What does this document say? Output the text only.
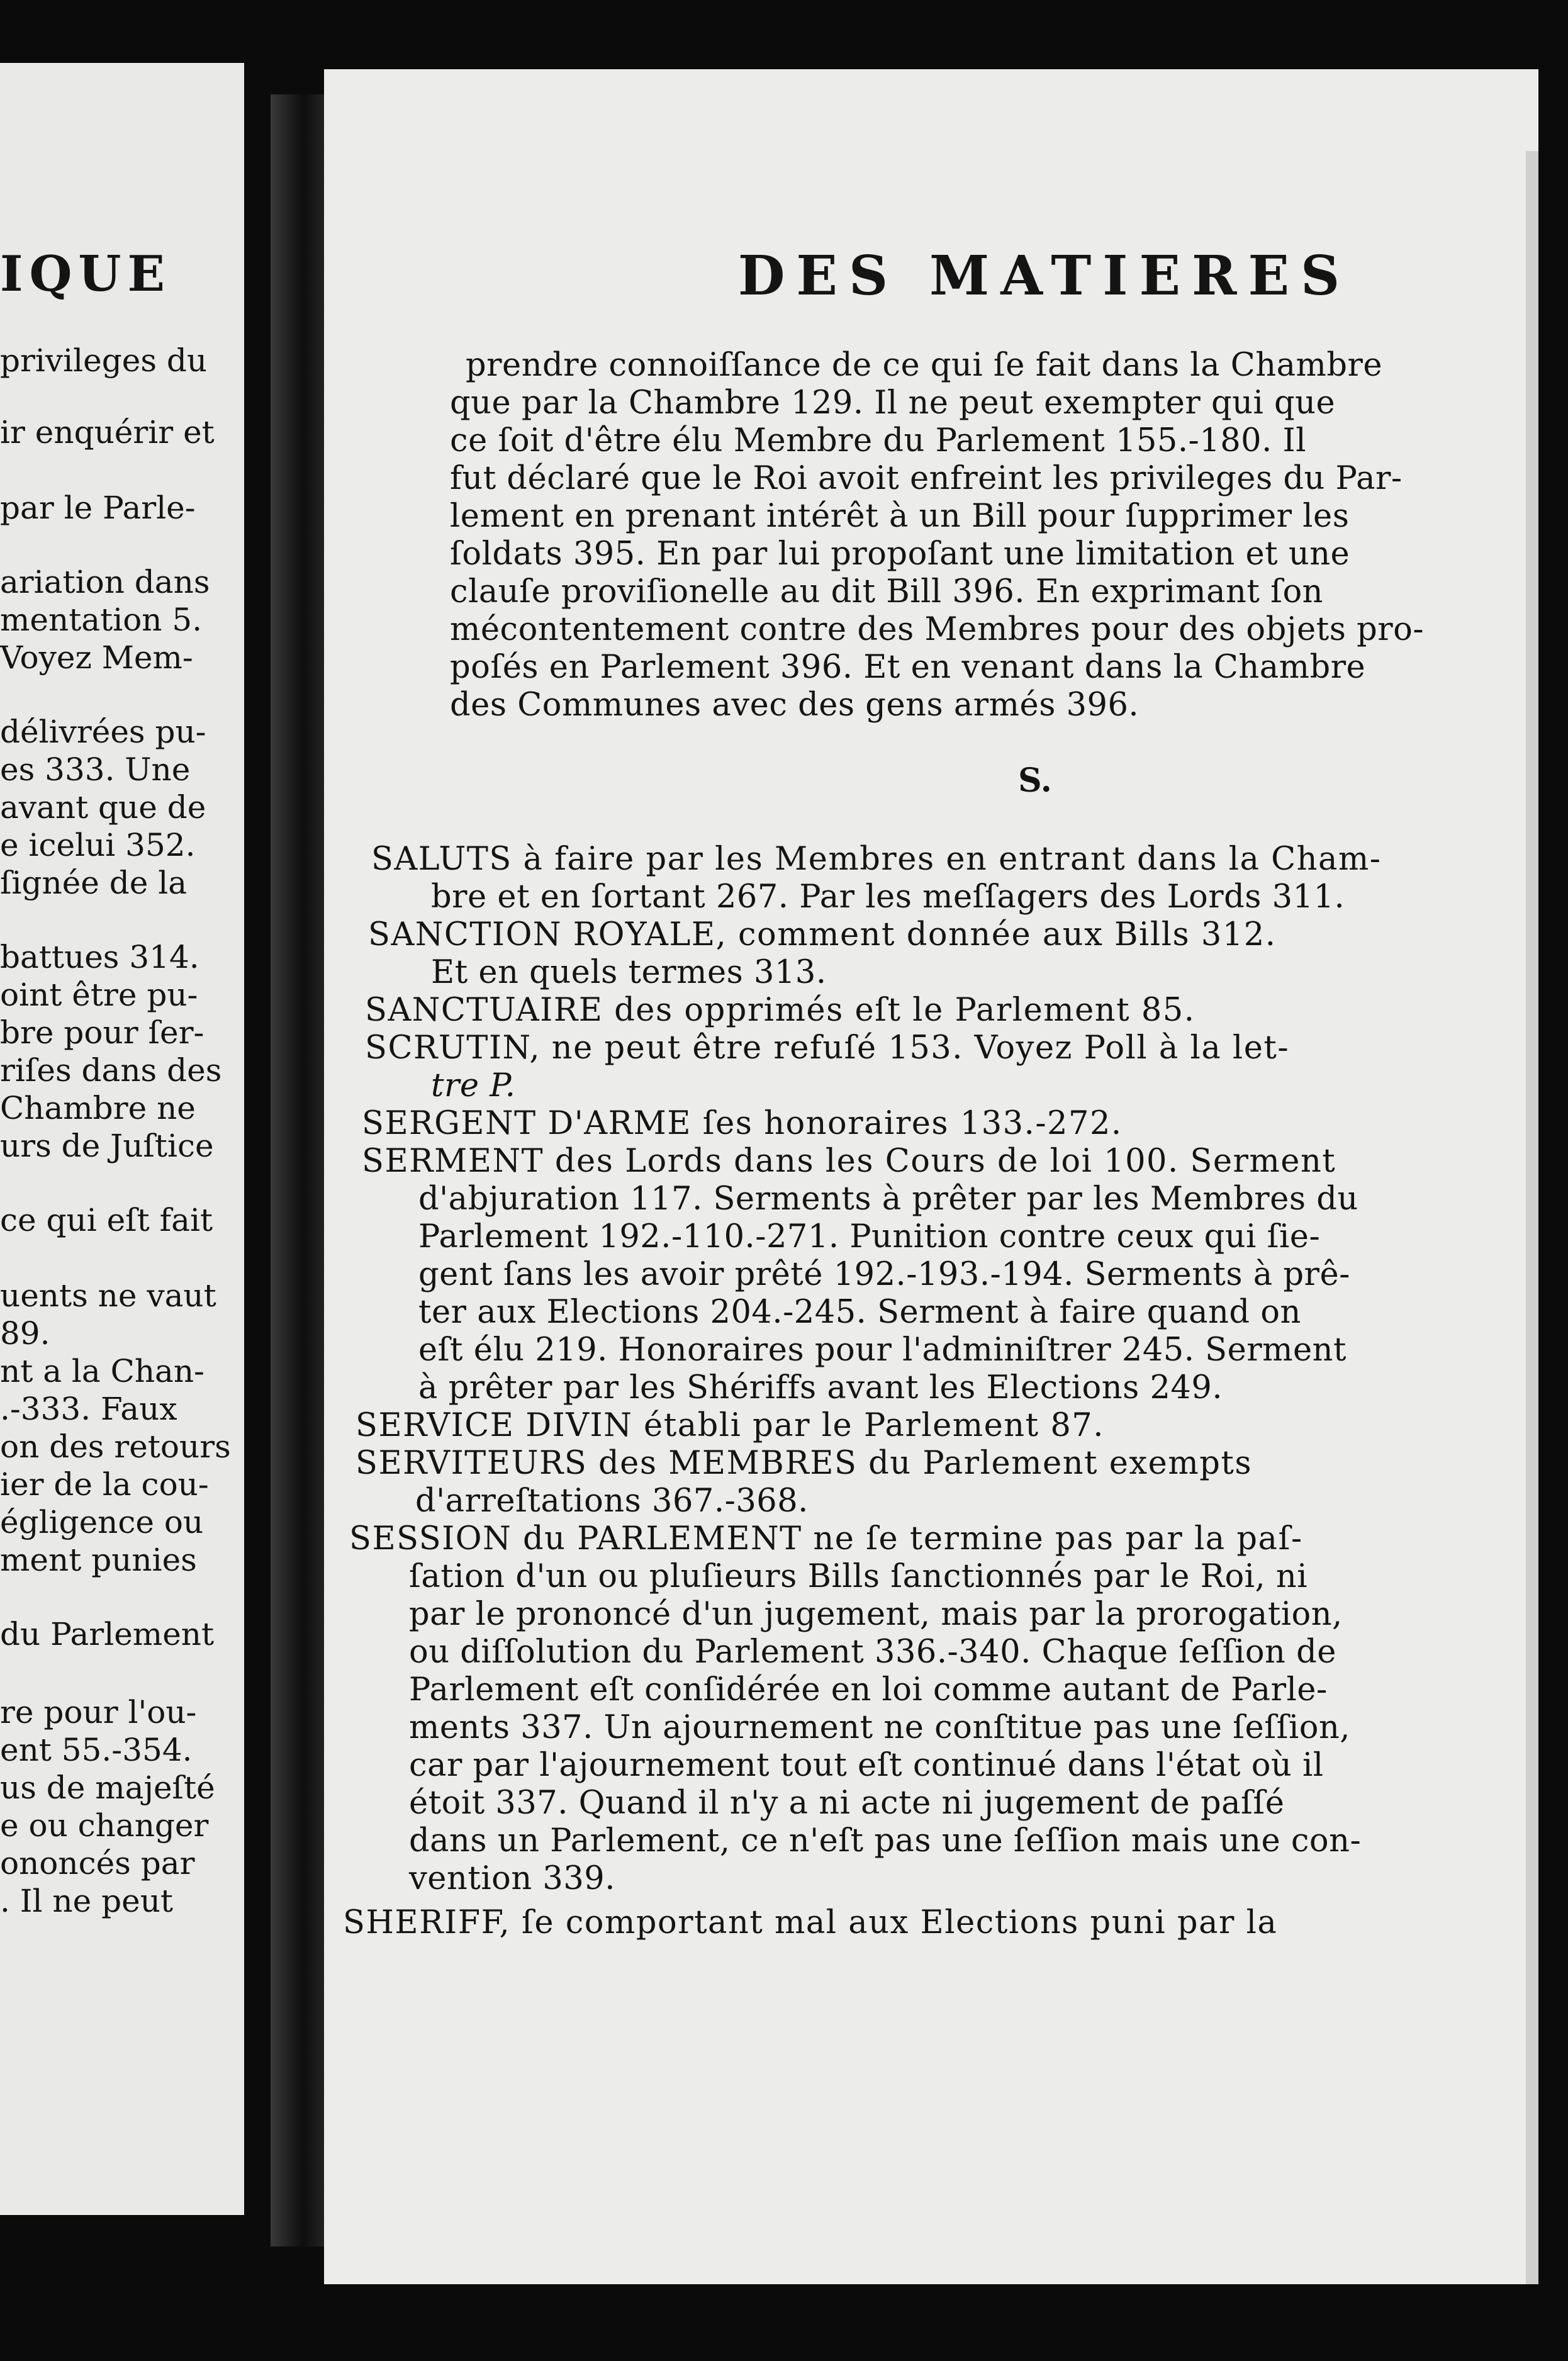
IQUE
privileges du
ir enquérir et
par le Parle-
ariation dans
mentation 5.
Voyez Mem-
délivrées pu-
es 333. Une
avant que de
e icelui 352.
ſignée de la
battues 314.
oint être pu-
bre pour ſer-
riſes dans des
Chambre ne
urs de Juſtice
ce qui eſt fait
uents ne vaut
89.
nt a la Chan-
.-333. Faux
on des retours
ier de la cou-
égligence ou
ment punies
du Parlement
re pour l'ou-
ent 55.-354.
us de majeſté
e ou changer
ononcés par
. Il ne peut
DES MATIERES
prendre connoiſſance de ce qui ſe fait dans la Chambre
que par la Chambre 129. Il ne peut exempter qui que
ce ſoit d'être élu Membre du Parlement 155.-180. Il
fut déclaré que le Roi avoit enfreint les privileges du Par-
lement en prenant intérêt à un Bill pour ſupprimer les
ſoldats 395. En par lui propoſant une limitation et une
clauſe proviſionelle au dit Bill 396. En exprimant ſon
mécontentement contre des Membres pour des objets pro-
poſés en Parlement 396. Et en venant dans la Chambre
des Communes avec des gens armés 396.
S.
SALUTS à faire par les Membres en entrant dans la Cham-
bre et en ſortant 267. Par les meſſagers des Lords 311.
SANCTION ROYALE, comment donnée aux Bills 312.
Et en quels termes 313.
SANCTUAIRE des opprimés eſt le Parlement 85.
SCRUTIN, ne peut être refuſé 153. Voyez Poll à la let-
tre P.
SERGENT D'ARME ſes honoraires 133.-272.
SERMENT des Lords dans les Cours de loi 100. Serment
d'abjuration 117. Serments à prêter par les Membres du
Parlement 192.-110.-271. Punition contre ceux qui ſie-
gent ſans les avoir prêté 192.-193.-194. Serments à prê-
ter aux Elections 204.-245. Serment à faire quand on
eſt élu 219. Honoraires pour l'adminiſtrer 245. Serment
à prêter par les Shériffs avant les Elections 249.
SERVICE DIVIN établi par le Parlement 87.
SERVITEURS des MEMBRES du Parlement exempts
d'arreſtations 367.-368.
SESSION du PARLEMENT ne ſe termine pas par la paſ-
ſation d'un ou pluſieurs Bills ſanctionnés par le Roi, ni
par le prononcé d'un jugement, mais par la prorogation,
ou diſſolution du Parlement 336.-340. Chaque ſeſſion de
Parlement eſt conſidérée en loi comme autant de Parle-
ments 337. Un ajournement ne conſtitue pas une ſeſſion,
car par l'ajournement tout eſt continué dans l'état où il
étoit 337. Quand il n'y a ni acte ni jugement de paſſé
dans un Parlement, ce n'eſt pas une ſeſſion mais une con-
vention 339.
SHERIFF, ſe comportant mal aux Elections puni par la
